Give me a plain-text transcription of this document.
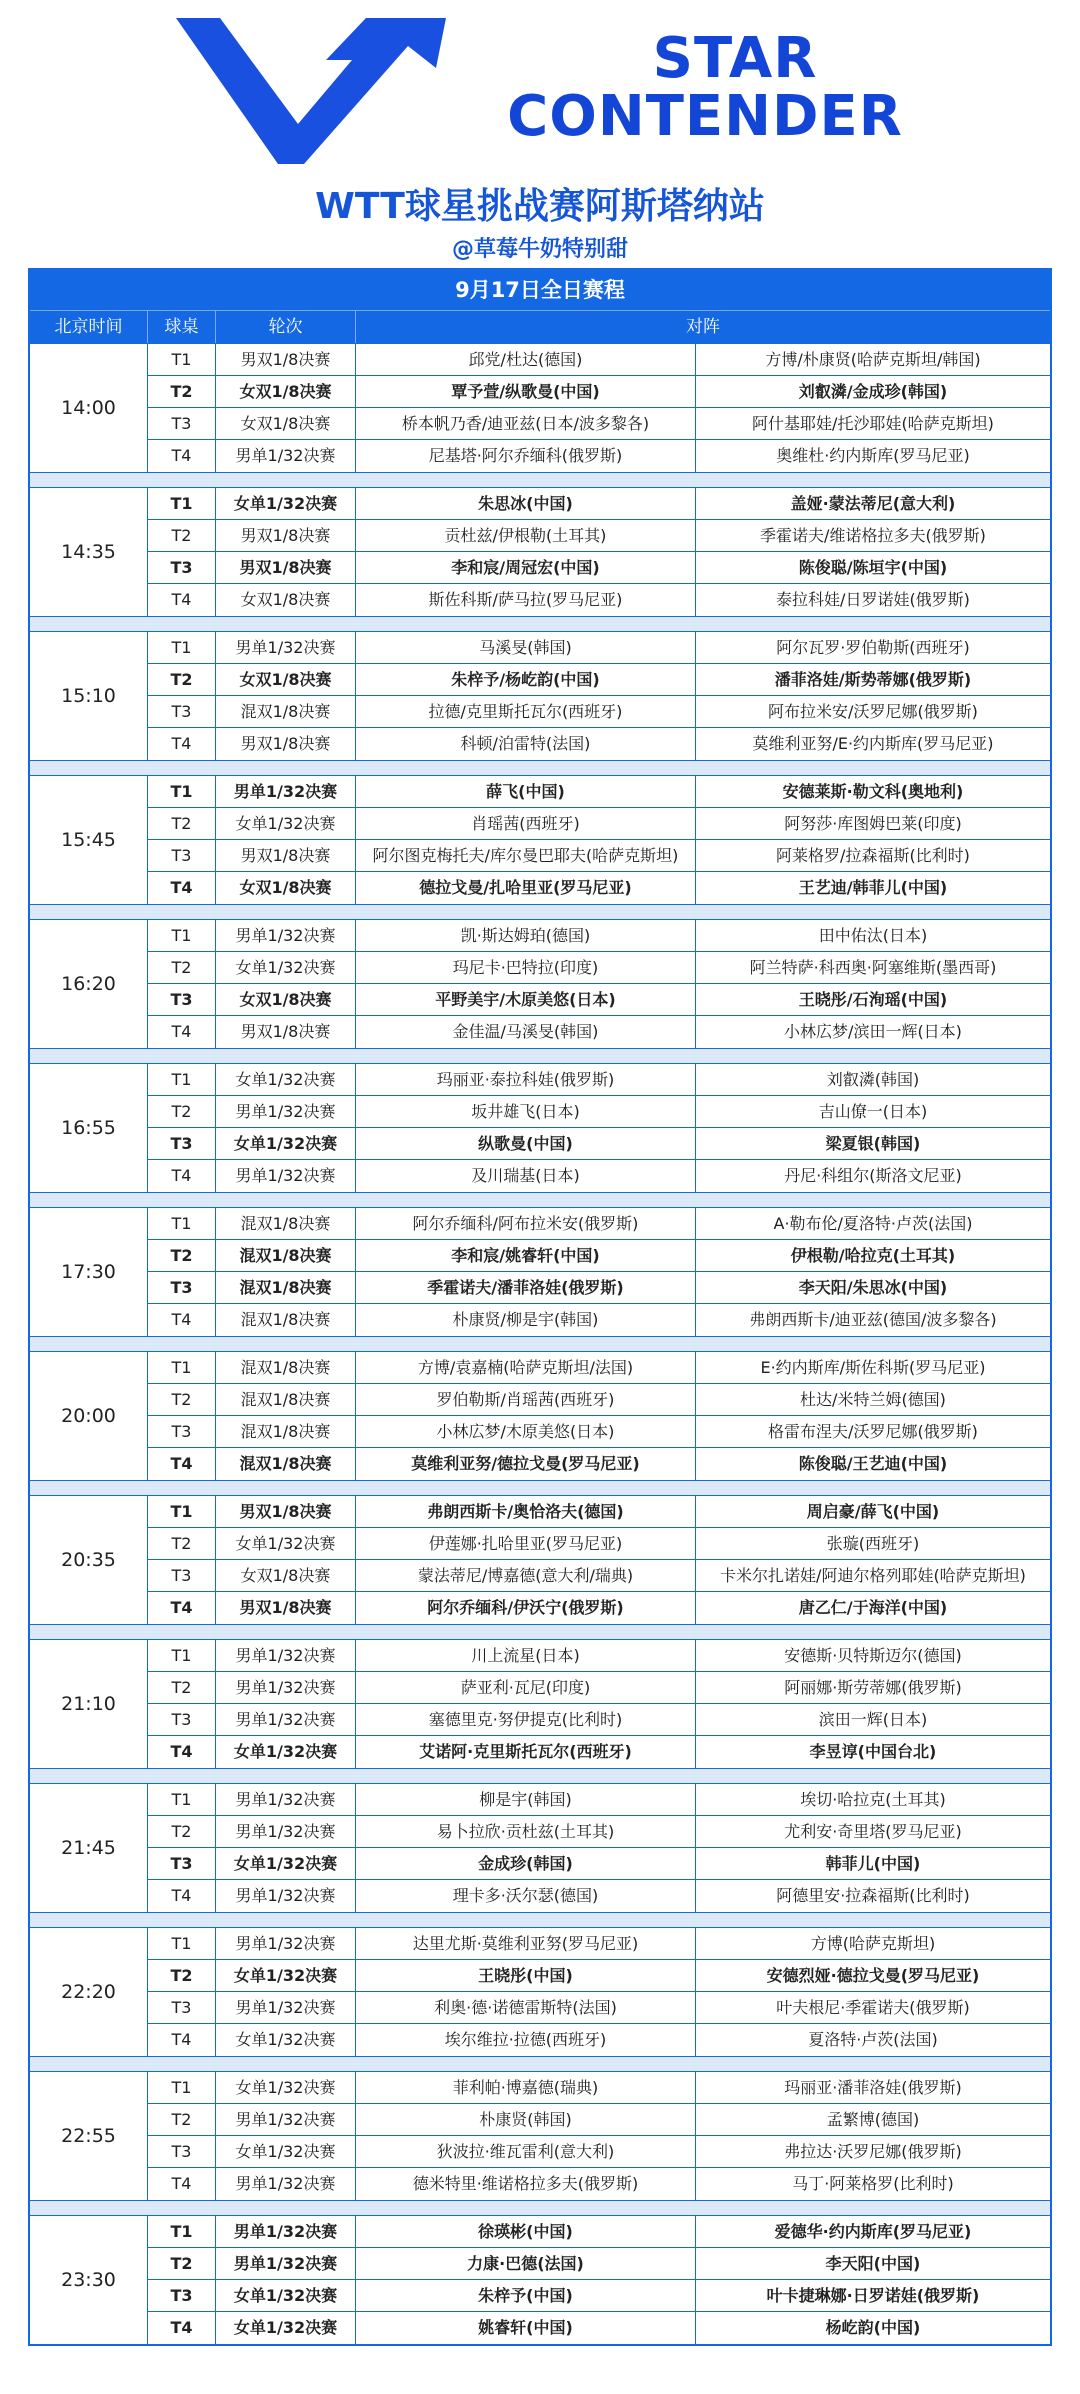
STAR
CONTENDER
WTT球星挑战赛阿斯塔纳站
@草莓牛奶特别甜
9月17日全日赛程
北京时间	球桌	轮次	对阵
14:00
T1	男双1/8决赛	邱党/杜达(德国)	方博/朴康贤(哈萨克斯坦/韩国)
T2	女双1/8决赛	覃予萱/纵歌曼(中国)	刘叡潾/金成珍(韩国)
T3	女双1/8决赛	桥本帆乃香/迪亚兹(日本/波多黎各)	阿什基耶娃/托沙耶娃(哈萨克斯坦)
T4	男单1/32决赛	尼基塔·阿尔乔缅科(俄罗斯)	奥维杜·约内斯库(罗马尼亚)
14:35
T1	女单1/32决赛	朱思冰(中国)	盖娅·蒙法蒂尼(意大利)
T2	男双1/8决赛	贡杜兹/伊根勒(土耳其)	季霍诺夫/维诺格拉多夫(俄罗斯)
T3	男双1/8决赛	李和宸/周冠宏(中国)	陈俊聪/陈垣宇(中国)
T4	女双1/8决赛	斯佐科斯/萨马拉(罗马尼亚)	泰拉科娃/日罗诺娃(俄罗斯)
15:10
T1	男单1/32决赛	马溪旻(韩国)	阿尔瓦罗·罗伯勒斯(西班牙)
T2	女双1/8决赛	朱梓予/杨屹韵(中国)	潘菲洛娃/斯势蒂娜(俄罗斯)
T3	混双1/8决赛	拉德/克里斯托瓦尔(西班牙)	阿布拉米安/沃罗尼娜(俄罗斯)
T4	男双1/8决赛	科顿/泊雷特(法国)	莫维利亚努/E·约内斯库(罗马尼亚)
15:45
T1	男单1/32决赛	薛飞(中国)	安德莱斯·勒文科(奥地利)
T2	女单1/32决赛	肖瑶茜(西班牙)	阿努莎·库图姆巴莱(印度)
T3	男双1/8决赛	阿尔图克梅托夫/库尔曼巴耶夫(哈萨克斯坦)	阿莱格罗/拉森福斯(比利时)
T4	女双1/8决赛	德拉戈曼/扎哈里亚(罗马尼亚)	王艺迪/韩菲儿(中国)
16:20
T1	男单1/32决赛	凯·斯达姆珀(德国)	田中佑汰(日本)
T2	女单1/32决赛	玛尼卡·巴特拉(印度)	阿兰特萨·科西奥·阿塞维斯(墨西哥)
T3	女双1/8决赛	平野美宇/木原美悠(日本)	王晓彤/石洵瑶(中国)
T4	男双1/8决赛	金佳温/马溪旻(韩国)	小林広梦/滨田一辉(日本)
16:55
T1	女单1/32决赛	玛丽亚·泰拉科娃(俄罗斯)	刘叡潾(韩国)
T2	男单1/32决赛	坂井雄飞(日本)	吉山僚一(日本)
T3	女单1/32决赛	纵歌曼(中国)	梁夏银(韩国)
T4	男单1/32决赛	及川瑞基(日本)	丹尼·科组尔(斯洛文尼亚)
17:30
T1	混双1/8决赛	阿尔乔缅科/阿布拉米安(俄罗斯)	A·勒布伦/夏洛特·卢茨(法国)
T2	混双1/8决赛	李和宸/姚睿轩(中国)	伊根勒/哈拉克(土耳其)
T3	混双1/8决赛	季霍诺夫/潘菲洛娃(俄罗斯)	李天阳/朱思冰(中国)
T4	混双1/8决赛	朴康贤/柳是宇(韩国)	弗朗西斯卡/迪亚兹(德国/波多黎各)
20:00
T1	混双1/8决赛	方博/袁嘉楠(哈萨克斯坦/法国)	E·约内斯库/斯佐科斯(罗马尼亚)
T2	混双1/8决赛	罗伯勒斯/肖瑶茜(西班牙)	杜达/米特兰姆(德国)
T3	混双1/8决赛	小林広梦/木原美悠(日本)	格雷布涅夫/沃罗尼娜(俄罗斯)
T4	混双1/8决赛	莫维利亚努/德拉戈曼(罗马尼亚)	陈俊聪/王艺迪(中国)
20:35
T1	男双1/8决赛	弗朗西斯卡/奥恰洛夫(德国)	周启豪/薛飞(中国)
T2	女单1/32决赛	伊莲娜·扎哈里亚(罗马尼亚)	张璇(西班牙)
T3	女双1/8决赛	蒙法蒂尼/博嘉德(意大利/瑞典)	卡米尔扎诺娃/阿迪尔格列耶娃(哈萨克斯坦)
T4	男双1/8决赛	阿尔乔缅科/伊沃宁(俄罗斯)	唐乙仁/于海洋(中国)
21:10
T1	男单1/32决赛	川上流星(日本)	安德斯·贝特斯迈尔(德国)
T2	男单1/32决赛	萨亚利·瓦尼(印度)	阿丽娜·斯劳蒂娜(俄罗斯)
T3	男单1/32决赛	塞德里克·努伊提克(比利时)	滨田一辉(日本)
T4	女单1/32决赛	艾诺阿·克里斯托瓦尔(西班牙)	李昱谆(中国台北)
21:45
T1	男单1/32决赛	柳是宇(韩国)	埃切·哈拉克(土耳其)
T2	男单1/32决赛	易卜拉欣·贡杜兹(土耳其)	尤利安·奇里塔(罗马尼亚)
T3	女单1/32决赛	金成珍(韩国)	韩菲儿(中国)
T4	男单1/32决赛	理卡多·沃尔瑟(德国)	阿德里安·拉森福斯(比利时)
22:20
T1	男单1/32决赛	达里尤斯·莫维利亚努(罗马尼亚)	方博(哈萨克斯坦)
T2	女单1/32决赛	王晓彤(中国)	安德烈娅·德拉戈曼(罗马尼亚)
T3	男单1/32决赛	利奥·德·诺德雷斯特(法国)	叶夫根尼·季霍诺夫(俄罗斯)
T4	女单1/32决赛	埃尔维拉·拉德(西班牙)	夏洛特·卢茨(法国)
22:55
T1	女单1/32决赛	菲利帕·博嘉德(瑞典)	玛丽亚·潘菲洛娃(俄罗斯)
T2	男单1/32决赛	朴康贤(韩国)	孟繁博(德国)
T3	女单1/32决赛	狄波拉·维瓦雷利(意大利)	弗拉达·沃罗尼娜(俄罗斯)
T4	男单1/32决赛	德米特里·维诺格拉多夫(俄罗斯)	马丁·阿莱格罗(比利时)
23:30
T1	男单1/32决赛	徐瑛彬(中国)	爱德华·约内斯库(罗马尼亚)
T2	男单1/32决赛	力康·巴德(法国)	李天阳(中国)
T3	女单1/32决赛	朱梓予(中国)	叶卡捷琳娜·日罗诺娃(俄罗斯)
T4	女单1/32决赛	姚睿轩(中国)	杨屹韵(中国)
